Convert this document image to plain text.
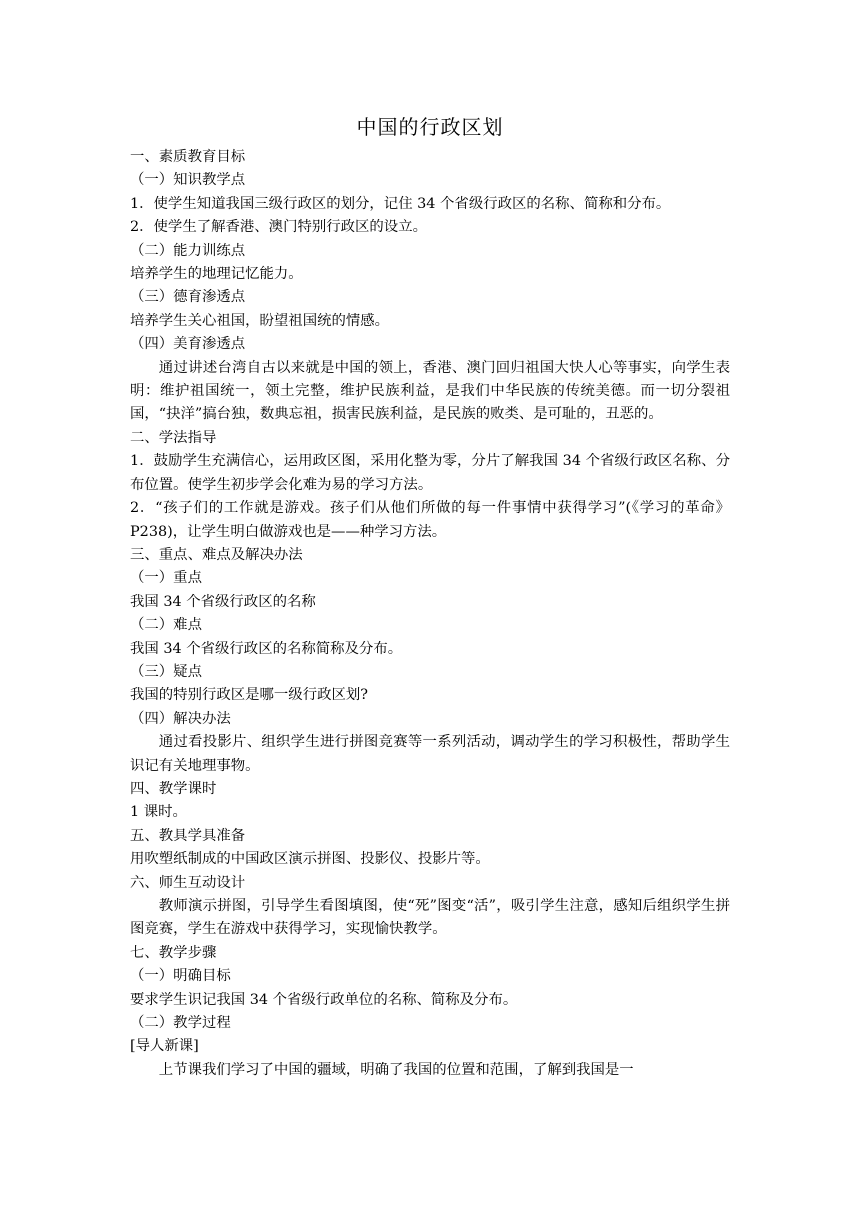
中国的行政区划
一、素质教育目标
（一）知识教学点
1．使学生知道我国三级行政区的划分，记住 34 个省级行政区的名称、简称和分布。
2．使学生了解香港、澳门特别行政区的设立。
（二）能力训练点
培养学生的地理记忆能力。
（三）德育渗透点
培养学生关心祖国，盼望祖国统的情感。
（四）美育渗透点
通过讲述台湾自古以来就是中国的领上，香港、澳门回归祖国大快人心等事实，向学生表明：维护祖国统一，领土完整，维护民族利益，是我们中华民族的传统美德。而一切分裂祖国，“抉洋”搞台独，数典忘祖，损害民族利益，是民族的败类、是可耻的，丑恶的。
二、学法指导
1．鼓励学生充满信心，运用政区图，采用化整为零，分片了解我国 34 个省级行政区名称、分布位置。使学生初步学会化难为易的学习方法。
2．“孩子们的工作就是游戏。孩子们从他们所做的每一件事情中获得学习”(《学习的革命》P238)，让学生明白做游戏也是——种学习方法。
三、重点、难点及解决办法
（一）重点
我国 34 个省级行政区的名称
（二）难点
我国 34 个省级行政区的名称简称及分布。
（三）疑点
我国的特别行政区是哪一级行政区划?
（四）解决办法
通过看投影片、组织学生进行拼图竞赛等一系列活动，调动学生的学习积极性，帮助学生识记有关地理事物。
四、教学课时
1 课时。
五、教具学具准备
用吹塑纸制成的中国政区演示拼图、投影仪、投影片等。
六、师生互动设计
教师演示拼图，引导学生看图填图，使“死”图变“活”，吸引学生注意，感知后组织学生拼图竞赛，学生在游戏中获得学习，实现愉快教学。
七、教学步骤
（一）明确目标
要求学生识记我国 34 个省级行政单位的名称、简称及分布。
（二）教学过程
[导人新课]
上节课我们学习了中国的疆域，明确了我国的位置和范围，了解到我国是一
